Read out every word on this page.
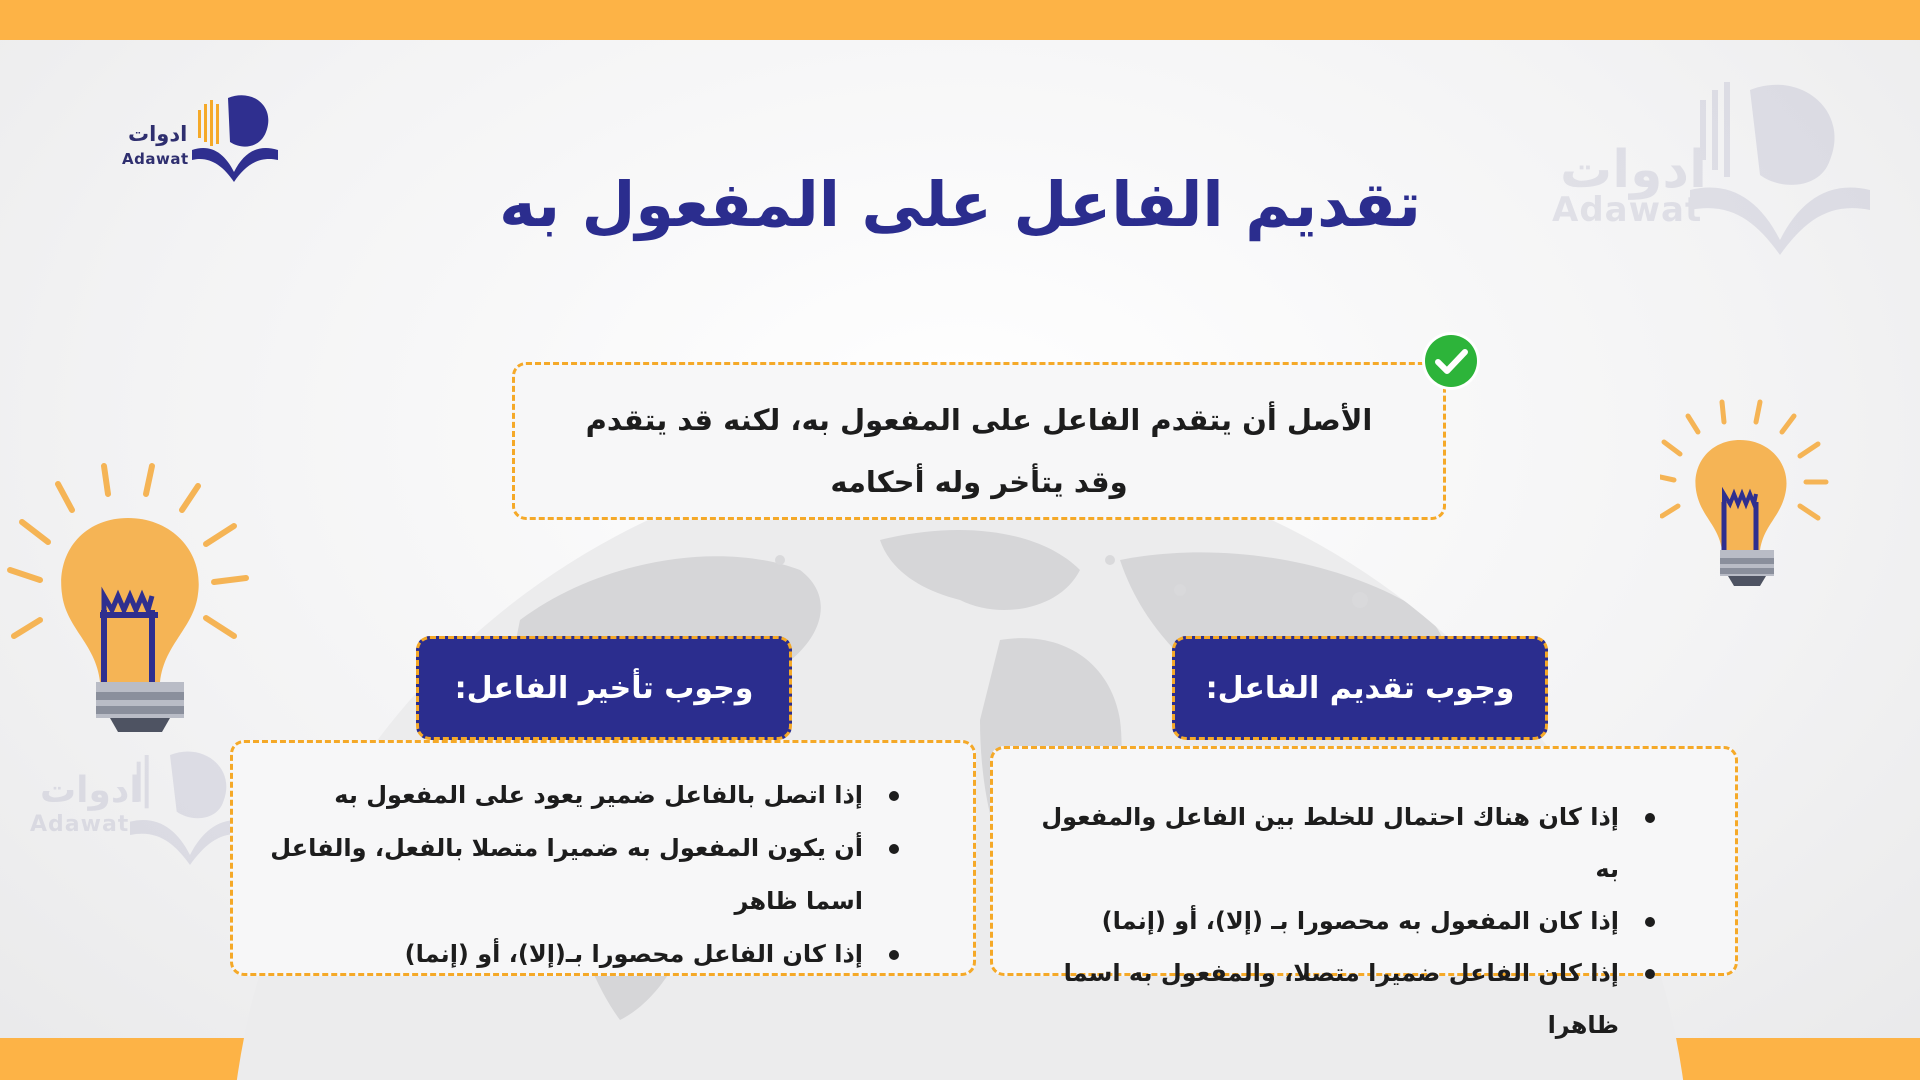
ادوات
Adawat
ادوات
Adawat
ادوات
Adawat
تقديم الفاعل على المفعول به
الأصل أن يتقدم الفاعل على المفعول به، لكنه قد يتقدم وقد يتأخر وله أحكامه
وجوب تقديم الفاعل:
إذا كان هناك احتمال للخلط بين الفاعل والمفعول به
إذا كان المفعول به محصورا بـ (إلا)، أو (إنما)
إذا كان الفاعل ضميرا متصلا، والمفعول به اسما ظاهرا
وجوب تأخير الفاعل:
إذا اتصل بالفاعل ضمير يعود على المفعول به
أن يكون المفعول به ضميرا متصلا بالفعل، والفاعل اسما ظاهر
إذا كان الفاعل محصورا بـ(إلا)، أو (إنما)
